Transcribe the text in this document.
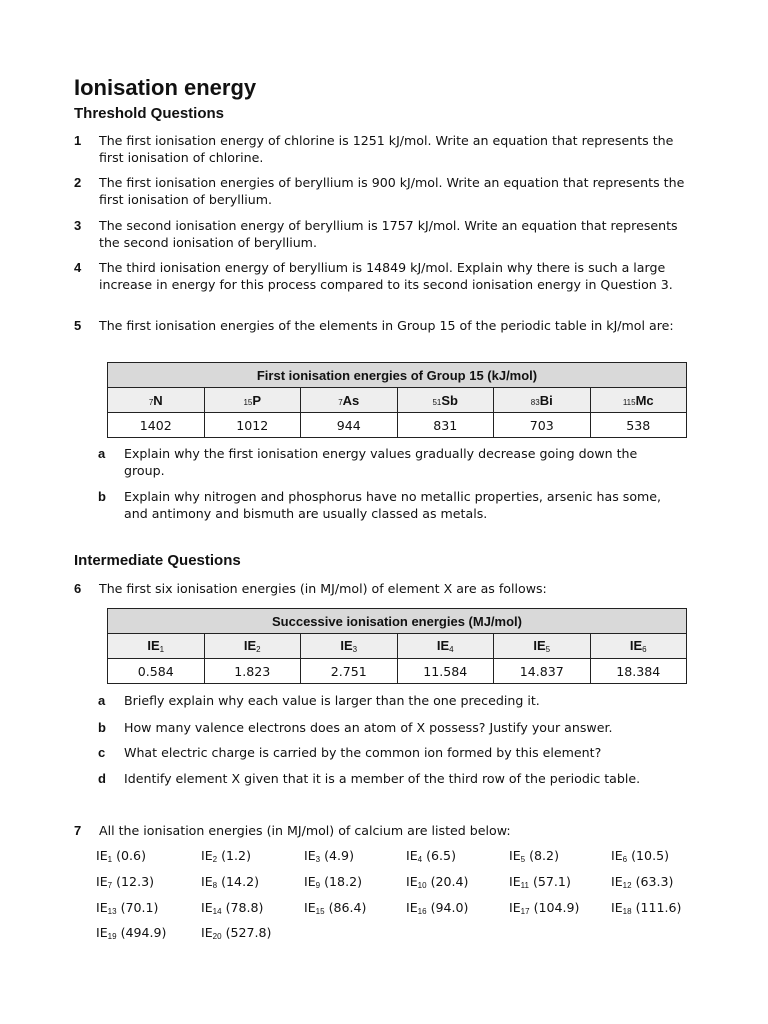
Ionisation energy
Threshold Questions
1	The first ionisation energy of chlorine is 1251 kJ/mol. Write an equation that represents the first ionisation of chlorine.
2	The first ionisation energies of beryllium is 900 kJ/mol. Write an equation that represents the first ionisation of beryllium.
3	The second ionisation energy of beryllium is 1757 kJ/mol. Write an equation that represents the second ionisation of beryllium.
4	The third ionisation energy of beryllium is 14849 kJ/mol. Explain why there is such a large increase in energy for this process compared to its second ionisation energy in Question 3.
5	The first ionisation energies of the elements in Group 15 of the periodic table in kJ/mol are:
First ionisation energies of Group 15 (kJ/mol)					
7N	15P	7As	51Sb	83Bi	115Mc
1402	1012	944	831	703	538
a Explain why the first ionisation energy values gradually decrease going down the group.
b Explain why nitrogen and phosphorus have no metallic properties, arsenic has some, and antimony and bismuth are usually classed as metals.
Intermediate Questions
6	The first six ionisation energies (in MJ/mol) of element X are as follows:
Successive ionisation energies (MJ/mol)					
IE1	IE2	IE3	IE4	IE5	IE6
0.584	1.823	2.751	11.584	14.837	18.384
a Briefly explain why each value is larger than the one preceding it.
b How many valence electrons does an atom of X possess? Justify your answer.
c What electric charge is carried by the common ion formed by this element?
d Identify element X given that it is a member of the third row of the periodic table.
7	All the ionisation energies (in MJ/mol) of calcium are listed below:
IE1 (0.6)	IE2 (1.2)	IE3 (4.9)	IE4 (6.5)	IE5 (8.2)	IE6 (10.5)
IE7 (12.3)	IE8 (14.2)	IE9 (18.2)	IE10 (20.4)	IE11 (57.1)	IE12 (63.3)
IE13 (70.1)	IE14 (78.8)	IE15 (86.4)	IE16 (94.0)	IE17 (104.9)	IE18 (111.6)
IE19 (494.9)	IE20 (527.8)
